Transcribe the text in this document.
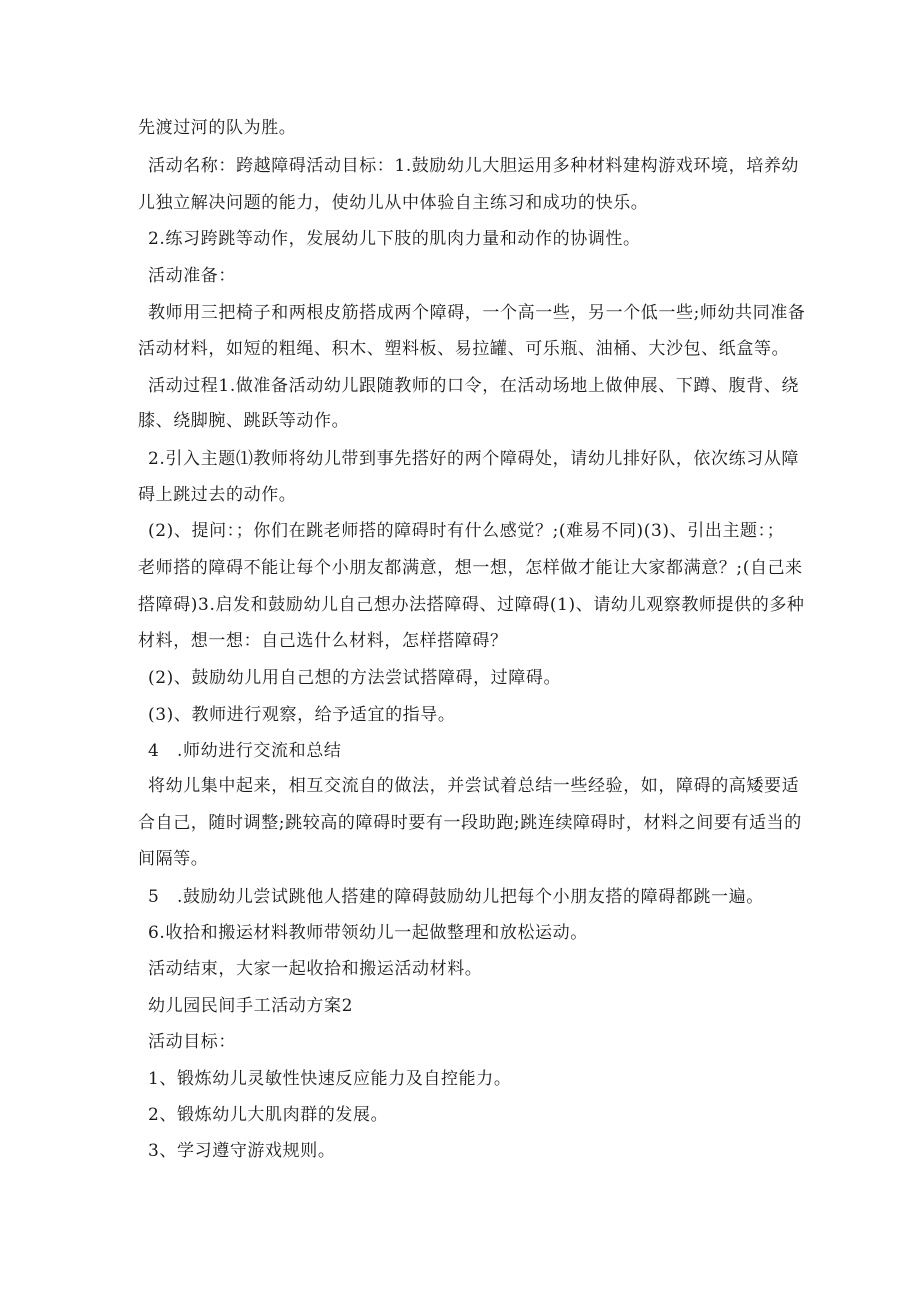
先渡过河的队为胜。
活动名称：跨越障碍活动目标：1.鼓励幼儿大胆运用多种材料建构游戏环境，培养幼
儿独立解决问题的能力，使幼儿从中体验自主练习和成功的快乐。
2.练习跨跳等动作，发展幼儿下肢的肌肉力量和动作的协调性。
活动准备：
教师用三把椅子和两根皮筋搭成两个障碍，一个高一些，另一个低一些;师幼共同准备
活动材料，如短的粗绳、积木、塑料板、易拉罐、可乐瓶、油桶、大沙包、纸盒等。
活动过程1.做准备活动幼儿跟随教师的口令，在活动场地上做伸展、下蹲、腹背、绕
膝、绕脚腕、跳跃等动作。
2.引入主题⑴教师将幼儿带到事先搭好的两个障碍处，请幼儿排好队，依次练习从障
碍上跳过去的动作。
(2)、提问：；你们在跳老师搭的障碍时有什么感觉？;(难易不同)(3)、引出主题：；
老师搭的障碍不能让每个小朋友都满意，想一想，怎样做才能让大家都满意？;(自己来
搭障碍)3.启发和鼓励幼儿自己想办法搭障碍、过障碍(1)、请幼儿观察教师提供的多种
材料，想一想：自己选什么材料，怎样搭障碍？
(2)、鼓励幼儿用自己想的方法尝试搭障碍，过障碍。
(3)、教师进行观察，给予适宜的指导。
4　.师幼进行交流和总结
将幼儿集中起来，相互交流自的做法，并尝试着总结一些经验，如，障碍的高矮要适
合自己，随时调整;跳较高的障碍时要有一段助跑;跳连续障碍时，材料之间要有适当的
间隔等。
5　.鼓励幼儿尝试跳他人搭建的障碍鼓励幼儿把每个小朋友搭的障碍都跳一遍。
6.收拾和搬运材料教师带领幼儿一起做整理和放松运动。
活动结束，大家一起收拾和搬运活动材料。
幼儿园民间手工活动方案2
活动目标：
1、锻炼幼儿灵敏性快速反应能力及自控能力。
2、锻炼幼儿大肌肉群的发展。
3、学习遵守游戏规则。
